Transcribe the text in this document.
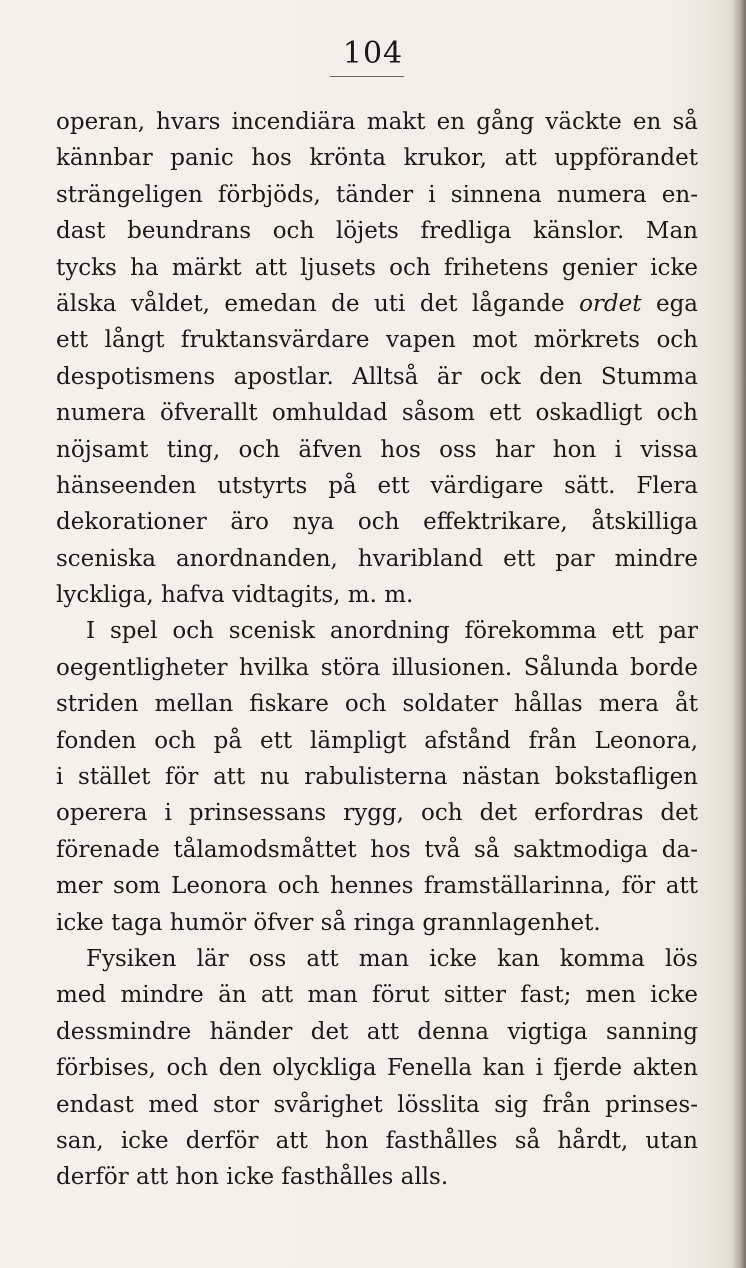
104
operan, hvars incendiära makt en gång väckte en så
kännbar panic hos krönta krukor, att uppförandet
strängeligen förbjöds, tänder i sinnena numera en-
dast beundrans och löjets fredliga känslor. Man
tycks ha märkt att ljusets och frihetens genier icke
älska våldet, emedan de uti det lågande ordet ega
ett långt fruktansvärdare vapen mot mörkrets och
despotismens apostlar. Alltså är ock den Stumma
numera öfverallt omhuldad såsom ett oskadligt och
nöjsamt ting, och äfven hos oss har hon i vissa
hänseenden utstyrts på ett värdigare sätt. Flera
dekorationer äro nya och effektrikare, åtskilliga
sceniska anordnanden, hvaribland ett par mindre
lyckliga, hafva vidtagits, m. m.
I spel och scenisk anordning förekomma ett par
oegentligheter hvilka störa illusionen. Sålunda borde
striden mellan fiskare och soldater hållas mera åt
fonden och på ett lämpligt afstånd från Leonora,
i stället för att nu rabulisterna nästan bokstafligen
operera i prinsessans rygg, och det erfordras det
förenade tålamodsmåttet hos två så saktmodiga da-
mer som Leonora och hennes framställarinna, för att
icke taga humör öfver så ringa grannlagenhet.
Fysiken lär oss att man icke kan komma lös
med mindre än att man förut sitter fast; men icke
dessmindre händer det att denna vigtiga sanning
förbises, och den olyckliga Fenella kan i fjerde akten
endast med stor svårighet lösslita sig från prinses-
san, icke derför att hon fasthålles så hårdt, utan
derför att hon icke fasthålles alls.
